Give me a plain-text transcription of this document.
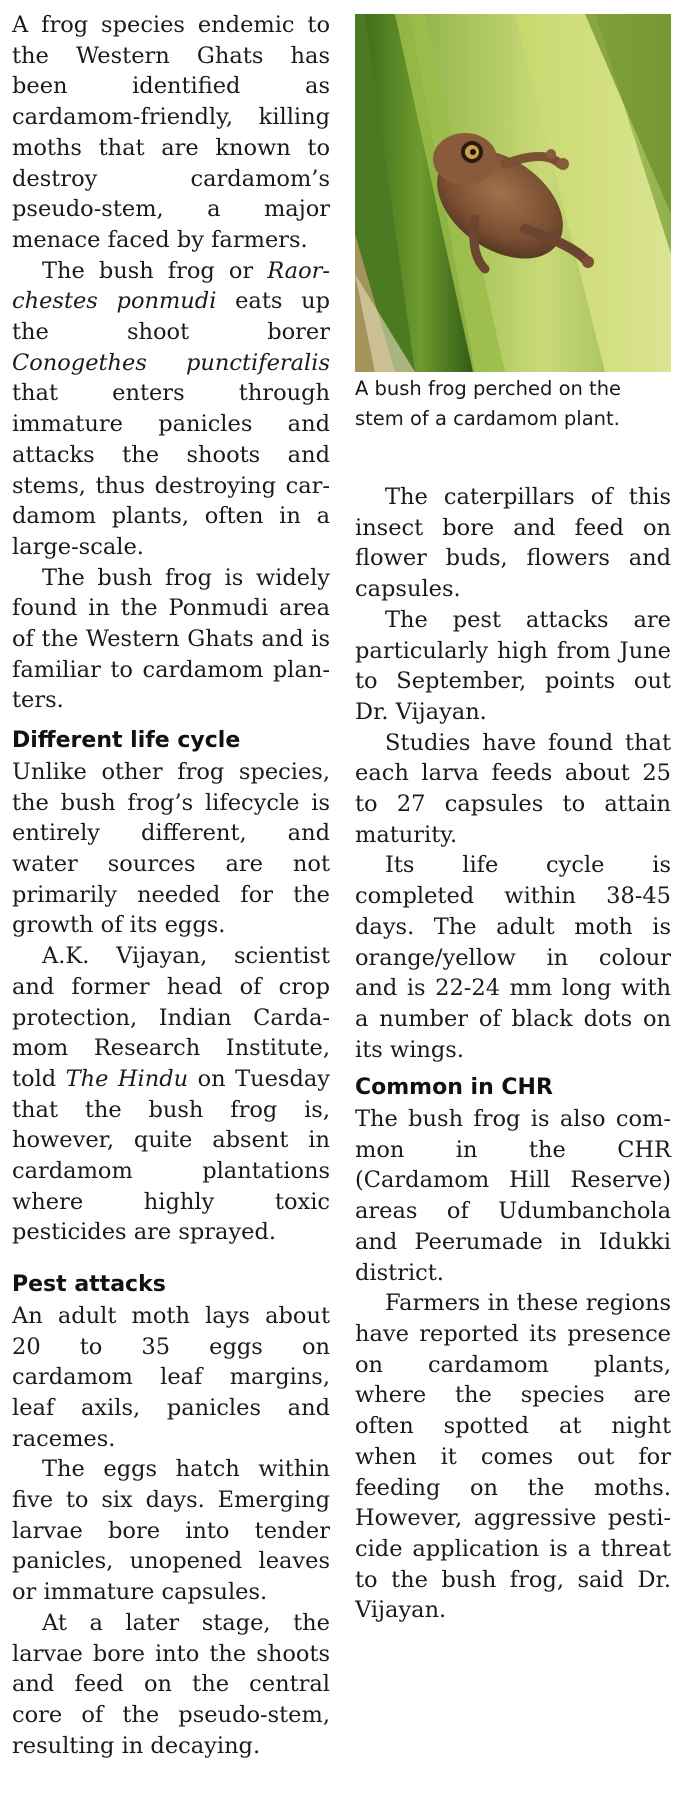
A frog species endemic to the Western Ghats has been identified as cardamom-friendly, killing moths that are known to destroy cardamom’s pseudo-stem, a major menace faced by farmers.

The bush frog or Raorchestes ponmudi eats up the shoot borer Conogethes punctiferalis that enters through immature panicles and attacks the shoots and stems, thus destroying cardamom plants, often in a large-scale.

The bush frog is widely found in the Ponmudi area of the Western Ghats and is familiar to cardamom planters.

Different life cycle

Unlike other frog species, the bush frog’s lifecycle is entirely different, and water sources are not primarily needed for the growth of its eggs.

A.K. Vijayan, scientist and former head of crop protection, Indian Cardamom Research Institute, told The Hindu on Tuesday that the bush frog is, however, quite absent in cardamom plantations where highly toxic pesticides are sprayed.

Pest attacks

An adult moth lays about 20 to 35 eggs on cardamom leaf margins, leaf axils, panicles and racemes.

The eggs hatch within five to six days. Emerging larvae bore into tender panicles, unopened leaves or immature capsules.

At a later stage, the larvae bore into the shoots and feed on the central core of the pseudo-stem, resulting in decaying.

A bush frog perched on the stem of a cardamom plant.

The caterpillars of this insect bore and feed on flower buds, flowers and capsules.

The pest attacks are particularly high from June to September, points out Dr. Vijayan.

Studies have found that each larva feeds about 25 to 27 capsules to attain maturity.

Its life cycle is completed within 38-45 days. The adult moth is orange/yellow in colour and is 22-24 mm long with a number of black dots on its wings.

Common in CHR

The bush frog is also common in the CHR (Cardamom Hill Reserve) areas of Udumbanchola and Peerumade in Idukki district.

Farmers in these regions have reported its presence on cardamom plants, where the species are often spotted at night when it comes out for feeding on the moths. However, aggressive pesticide application is a threat to the bush frog, said Dr. Vijayan.
